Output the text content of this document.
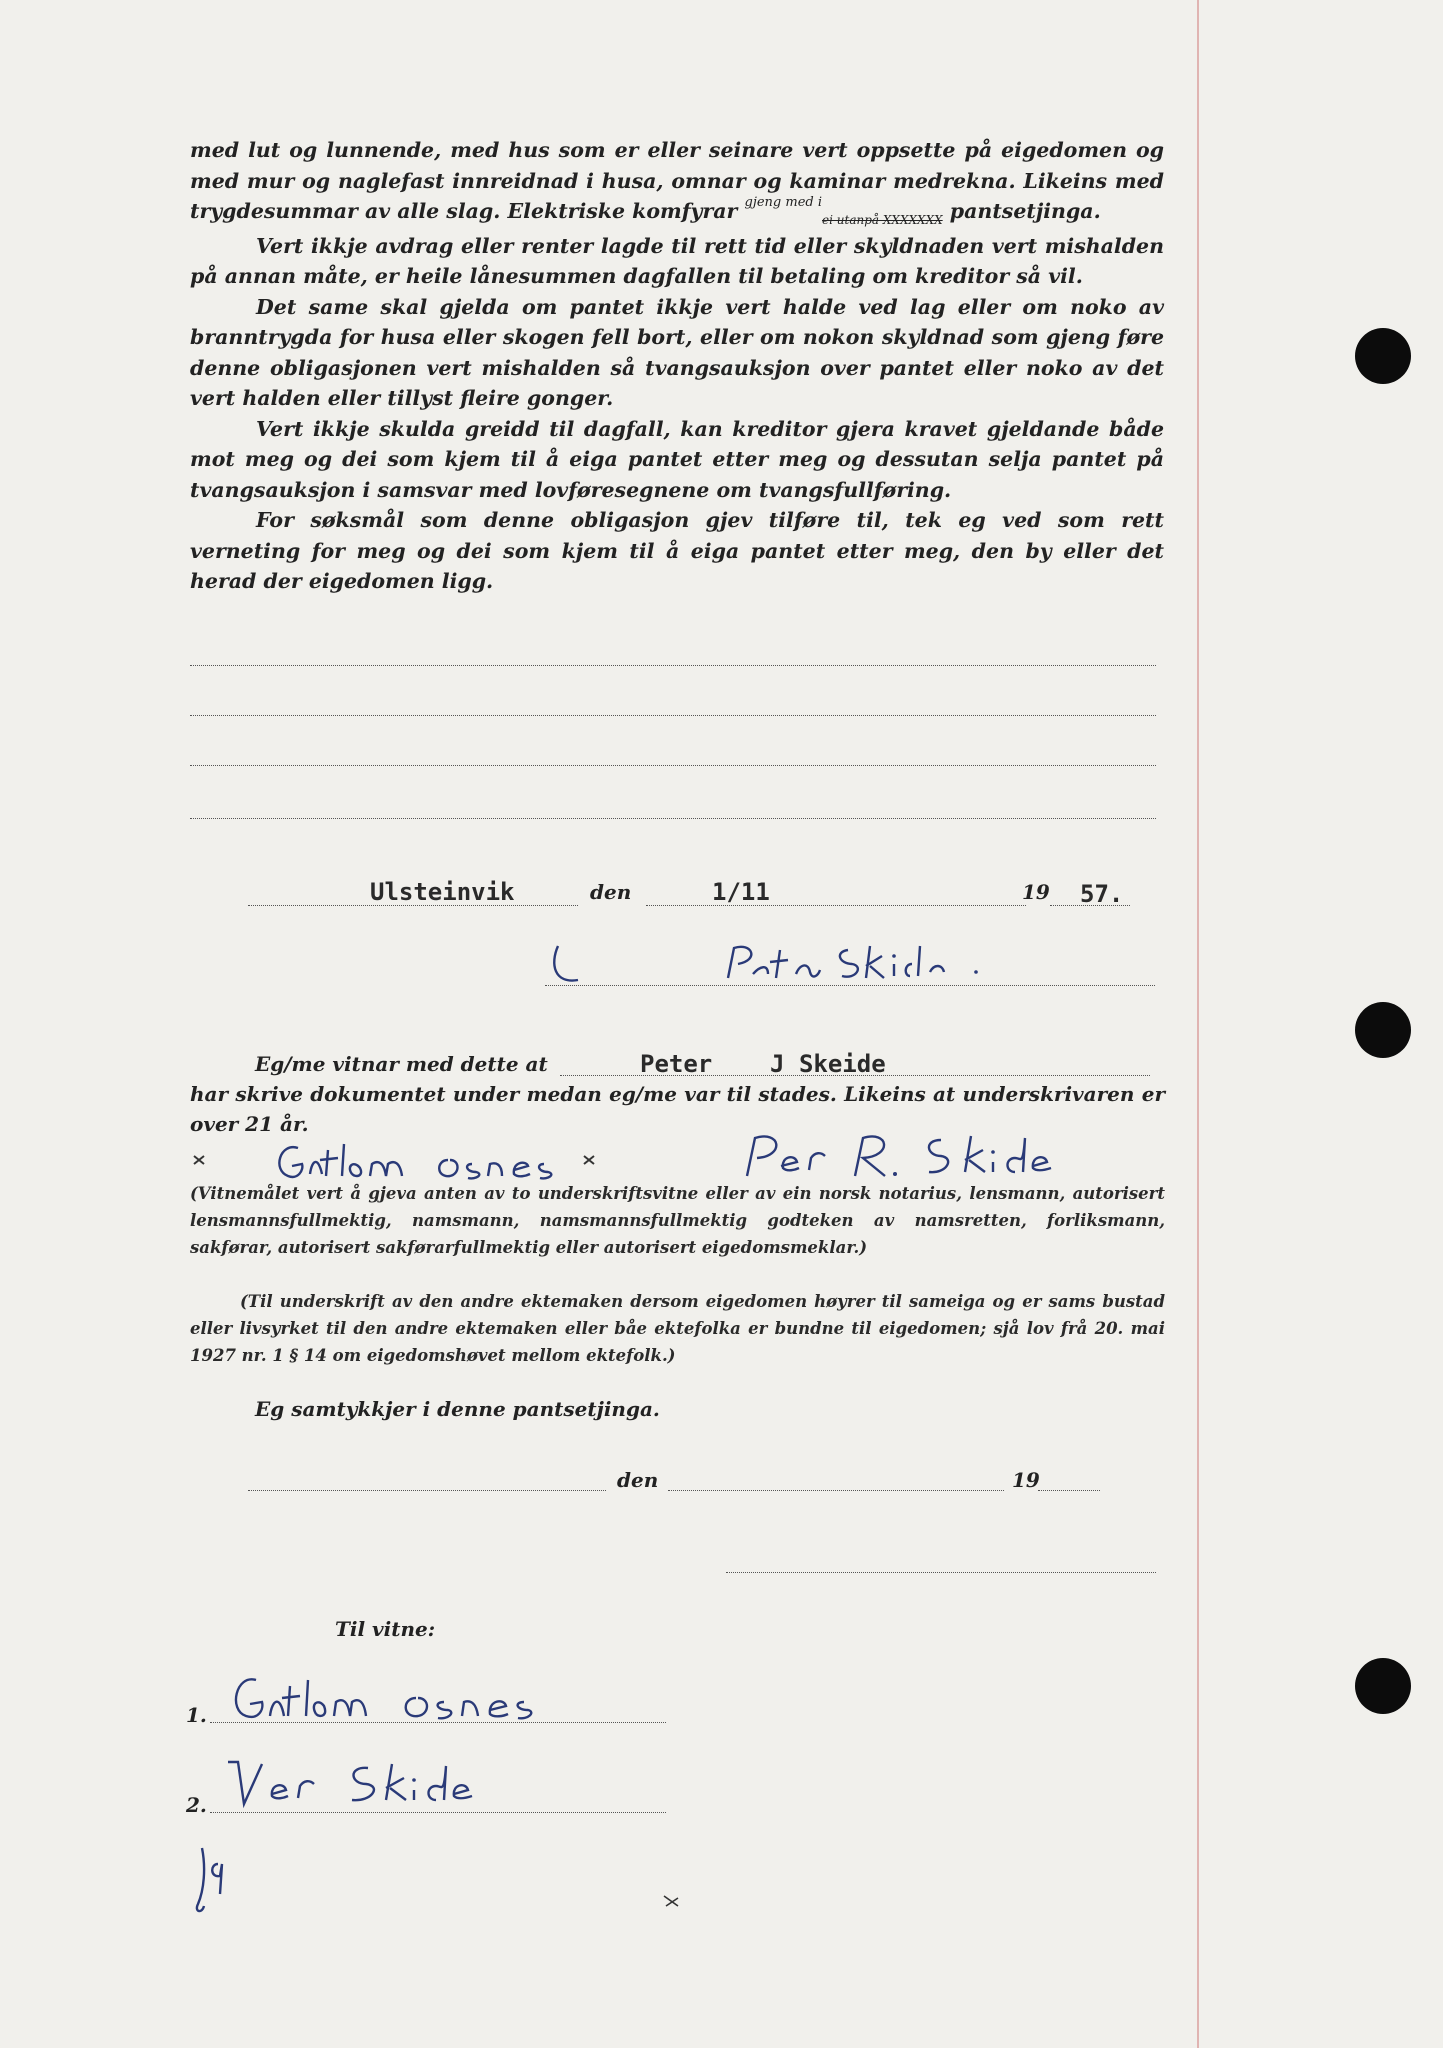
med lut og lunnende, med hus som er eller seinare vert oppsette på eigedomen og med mur og naglefast innreidnad i husa, omnar og kaminar medrekna. Likeins med trygdesummar av alle slag. Elektriske komfyrar $^{gjeng med i}_{ei utanpå XXXXXXX}$ pantsetjinga.

Vert ikkje avdrag eller renter lagde til rett tid eller skyldnaden vert mishalden på annan måte, er heile lånesummen dagfallen til betaling om kreditor så vil.

Det same skal gjelda om pantet ikkje vert halde ved lag eller om noko av branntrygda for husa eller skogen fell bort, eller om nokon skyldnad som gjeng føre denne obligasjonen vert mishalden så tvangsauksjon over pantet eller noko av det vert halden eller tillyst fleire gonger.

Vert ikkje skulda greidd til dagfall, kan kreditor gjera kravet gjeldande både mot meg og dei som kjem til å eiga pantet etter meg og dessutan selja pantet på tvangsauksjon i samsvar med lovføresegnene om tvangsfullføring.

For søksmål som denne obligasjon gjev tilføre til, tek eg ved som rett verneting for meg og dei som kjem til å eiga pantet etter meg, den by eller det herad der eigedomen ligg.

Ulsteinvik	den	1/11	19 57.
Eg/me vitnar med dette at	Peter    J Skeide
har skrive dokumentet under medan eg/me var til stades. Likeins at underskrivaren er
over 21 år.

(Vitnemålet vert å gjeva anten av to underskriftsvitne eller av ein norsk notarius, lensmann, autorisert lensmannsfullmektig, namsmann, namsmannsfullmektig godteken av namsretten, forliksmann, sakførar, autorisert sakførarfullmektig eller autorisert eigedomsmeklar.)

(Til underskrift av den andre ektemaken dersom eigedomen høyrer til sameiga og er sams bustad eller livsyrket til den andre ektemaken eller båe ektefolka er bundne til eigedomen; sjå lov frå 20. mai 1927 nr. 1 § 14 om eigedomshøvet mellom ektefolk.)

Eg samtykkjer i denne pantsetjinga.
den	19
Til vitne:
1.
2.
